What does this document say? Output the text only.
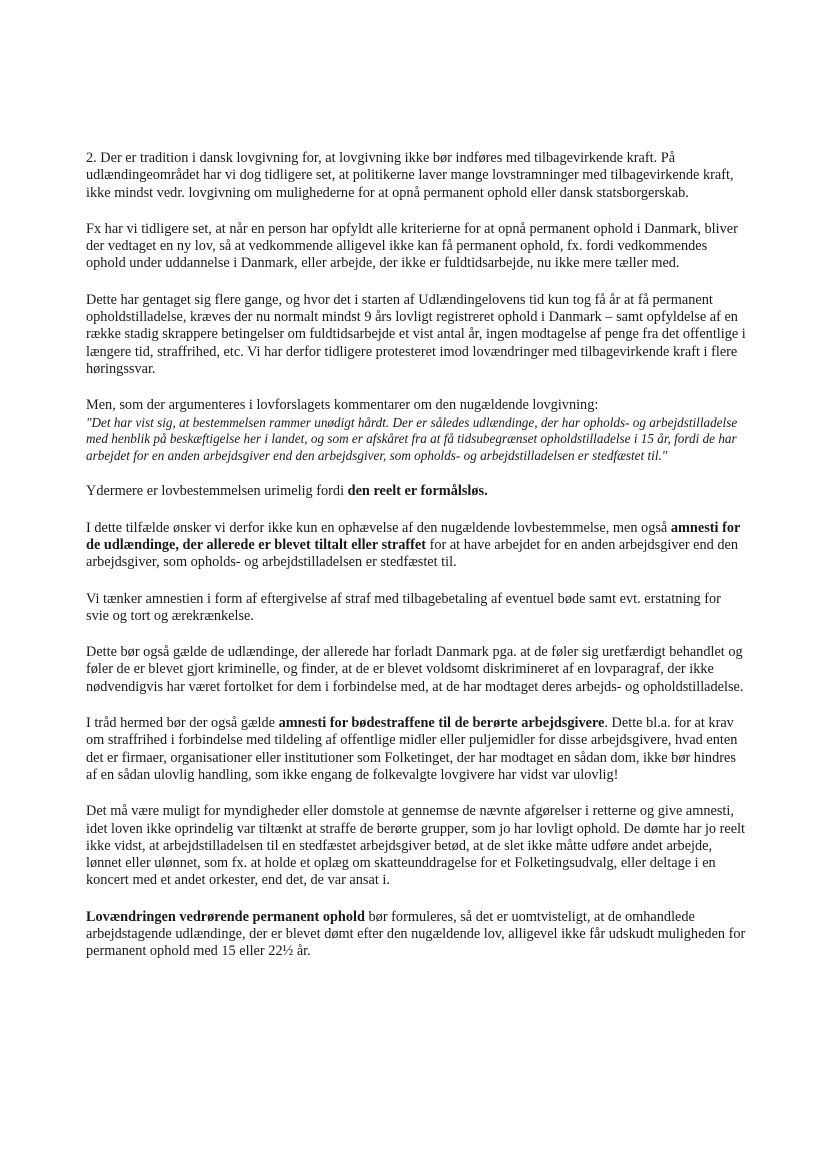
2. Der er tradition i dansk lovgivning for, at lovgivning ikke bør indføres med tilbagevirkende kraft. På udlændingeområdet har vi dog tidligere set, at politikerne laver mange lovstramninger med tilbagevirkende kraft, ikke mindst vedr. lovgivning om mulighederne for at opnå permanent ophold eller dansk statsborgerskab.

Fx har vi tidligere set, at når en person har opfyldt alle kriterierne for at opnå permanent ophold i Danmark, bliver der vedtaget en ny lov, så at vedkommende alligevel ikke kan få permanent ophold, fx. fordi vedkommendes ophold under uddannelse i Danmark, eller arbejde, der ikke er fuldtidsarbejde, nu ikke mere tæller med.

Dette har gentaget sig flere gange, og hvor det i starten af Udlændingelovens tid kun tog få år at få permanent opholdstilladelse, kræves der nu normalt mindst 9 års lovligt registreret ophold i Danmark – samt opfyldelse af en række stadig skrappere betingelser om fuldtidsarbejde et vist antal år, ingen modtagelse af penge fra det offentlige i længere tid, straffrihed, etc. Vi har derfor tidligere protesteret imod lovændringer med tilbagevirkende kraft i flere høringssvar.

Men, som der argumenteres i lovforslagets kommentarer om den nugældende lovgivning:

"Det har vist sig, at bestemmelsen rammer unødigt hårdt. Der er således udlændinge, der har opholds- og arbejdstilladelse med henblik på beskæftigelse her i landet, og som er afskåret fra at få tidsubegrænset opholdstilladelse i 15 år, fordi de har arbejdet for en anden arbejdsgiver end den arbejdsgiver, som opholds- og arbejdstilladelsen er stedfæstet til."

Ydermere er lovbestemmelsen urimelig fordi den reelt er formålsløs.

I dette tilfælde ønsker vi derfor ikke kun en ophævelse af den nugældende lovbestemmelse, men også amnesti for de udlændinge, der allerede er blevet tiltalt eller straffet for at have arbejdet for en anden arbejdsgiver end den arbejdsgiver, som opholds- og arbejdstilladelsen er stedfæstet til.

Vi tænker amnestien i form af eftergivelse af straf med tilbagebetaling af eventuel bøde samt evt. erstatning for svie og tort og ærekrænkelse.

Dette bør også gælde de udlændinge, der allerede har forladt Danmark pga. at de føler sig uretfærdigt behandlet og føler de er blevet gjort kriminelle, og finder, at de er blevet voldsomt diskrimineret af en lovparagraf, der ikke nødvendigvis har været fortolket for dem i forbindelse med, at de har modtaget deres arbejds- og opholdstilladelse.

I tråd hermed bør der også gælde amnesti for bødestraffene til de berørte arbejdsgivere. Dette bl.a. for at krav om straffrihed i forbindelse med tildeling af offentlige midler eller puljemidler for disse arbejdsgivere, hvad enten det er firmaer, organisationer eller institutioner som Folketinget, der har modtaget en sådan dom, ikke bør hindres af en sådan ulovlig handling, som ikke engang de folkevalgte lovgivere har vidst var ulovlig!

Det må være muligt for myndigheder eller domstole at gennemse de nævnte afgørelser i retterne og give amnesti, idet loven ikke oprindelig var tiltænkt at straffe de berørte grupper, som jo har lovligt ophold. De dømte har jo reelt ikke vidst, at arbejdstilladelsen til en stedfæstet arbejdsgiver betød, at de slet ikke måtte udføre andet arbejde, lønnet eller ulønnet, som fx. at holde et oplæg om skatteunddragelse for et Folketingsudvalg, eller deltage i en koncert med et andet orkester, end det, de var ansat i.

Lovændringen vedrørende permanent ophold bør formuleres, så det er uomtvisteligt, at de omhandlede arbejdstagende udlændinge, der er blevet dømt efter den nugældende lov, alligevel ikke får udskudt muligheden for permanent ophold med 15 eller 22½ år.
